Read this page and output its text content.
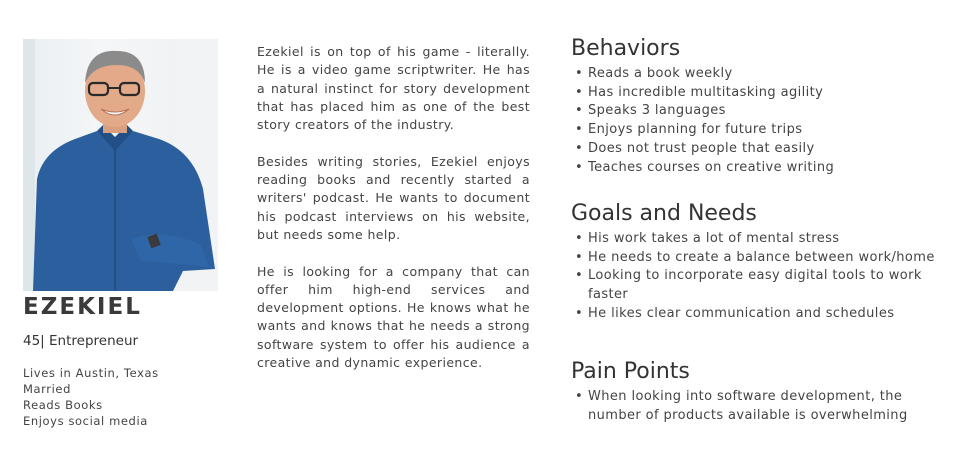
EZEKIEL
45| Entrepreneur
Lives in Austin, Texas
Married
Reads Books
Enjoys social media

Ezekiel is on top of his game - literally. He is a video game scriptwriter. He has a natural instinct for story development that has placed him as one of the best story creators of the industry.

Besides writing stories, Ezekiel enjoys reading books and recently started a writers' podcast. He wants to document his podcast interviews on his website, but needs some help.

He is looking for a company that can offer him high-end services and development options. He knows what he wants and knows that he needs a strong software system to offer his audience a creative and dynamic experience.

Behaviors
• Reads a book weekly
• Has incredible multitasking agility
• Speaks 3 languages
• Enjoys planning for future trips
• Does not trust people that easily
• Teaches courses on creative writing
Goals and Needs
• His work takes a lot of mental stress
• He needs to create a balance between work/home
• Looking to incorporate easy digital tools to work faster
• He likes clear communication and schedules
Pain Points
• When looking into software development, the number of products available is overwhelming
